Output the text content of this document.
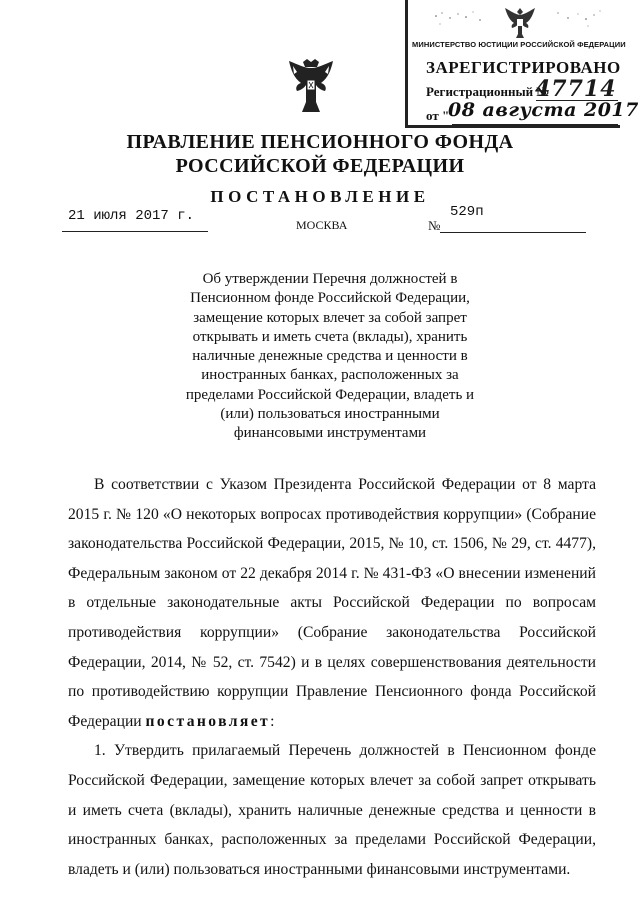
МИНИСТЕРСТВО ЮСТИЦИИ РОССИЙСКОЙ ФЕДЕРАЦИИ
ЗАРЕГИСТРИРОВАНО
Регистрационный №
47714
от "
08 августа 2017
ПРАВЛЕНИЕ ПЕНСИОННОГО ФОНДА
РОССИЙСКОЙ ФЕДЕРАЦИИ
ПОСТАНОВЛЕНИЕ
21 июля 2017 г.
МОСКВА	№
529п
Об утверждении Перечня должностей в Пенсионном фонде Российской Федерации, замещение которых влечет за собой запрет открывать и иметь счета (вклады), хранить наличные денежные средства и ценности в иностранных банках, расположенных за пределами Российской Федерации, владеть и (или) пользоваться иностранными финансовыми инструментами

В соответствии с Указом Президента Российской Федерации от 8 марта 2015 г. № 120 «О некоторых вопросах противодействия коррупции» (Собрание законодательства Российской Федерации, 2015, № 10, ст. 1506, № 29, ст. 4477), Федеральным законом от 22 декабря 2014 г. № 431-ФЗ «О внесении изменений в отдельные законодательные акты Российской Федерации по вопросам противодействия коррупции» (Собрание законодательства Российской Федерации, 2014, № 52, ст. 7542) и в целях совершенствования деятельности по противодействию коррупции Правление Пенсионного фонда Российской Федерации постановляет:

1. Утвердить прилагаемый Перечень должностей в Пенсионном фонде Российской Федерации, замещение которых влечет за собой запрет открывать и иметь счета (вклады), хранить наличные денежные средства и ценности в иностранных банках, расположенных за пределами Российской Федерации, владеть и (или) пользоваться иностранными финансовыми инструментами.
